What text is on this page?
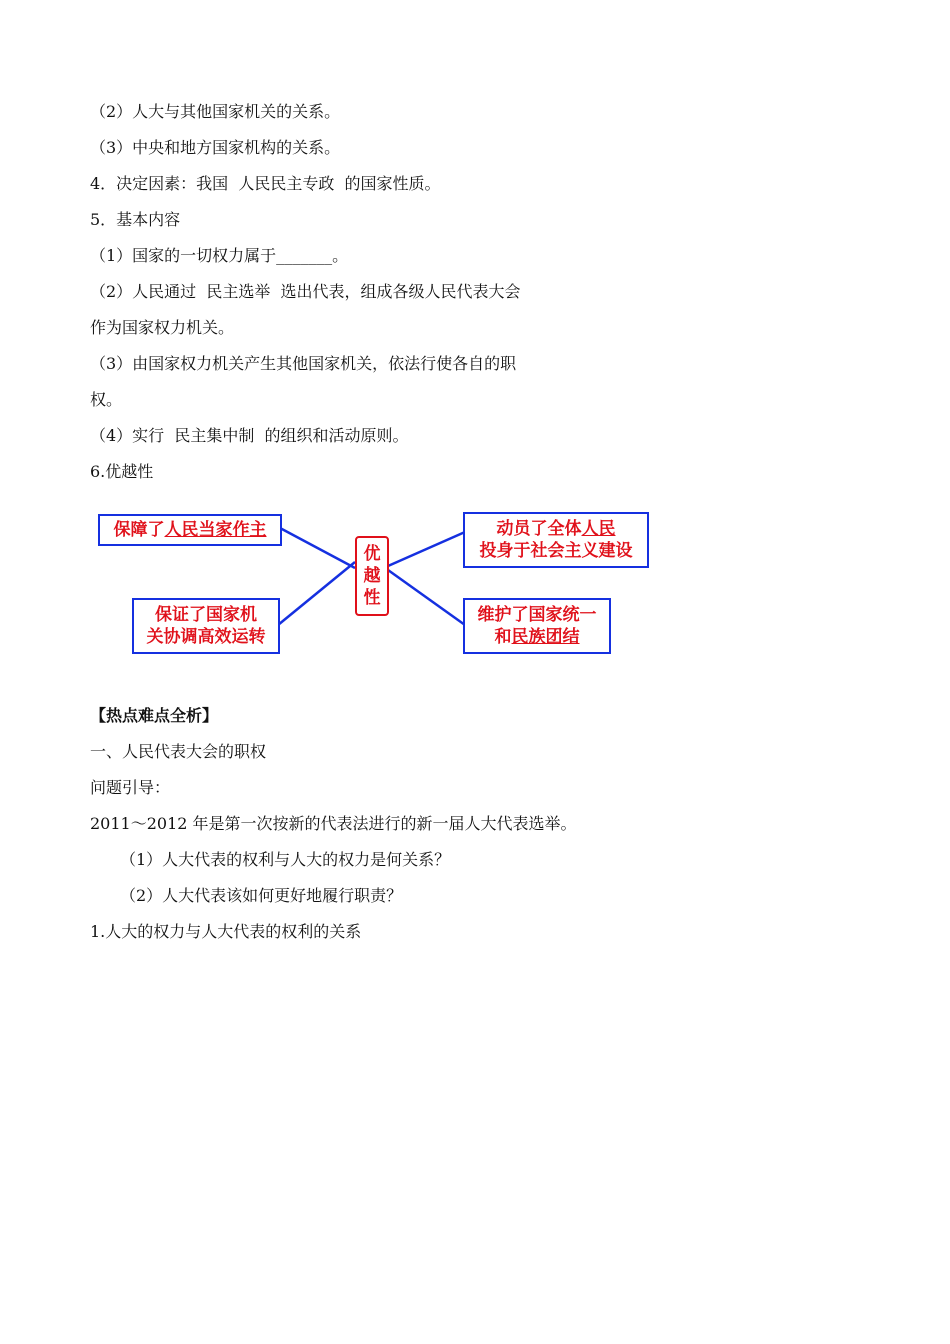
（2）人大与其他国家机关的关系。
（3）中央和地方国家机构的关系。
4．决定因素：我国  人民民主专政  的国家性质。
5．基本内容
（1）国家的一切权力属于_______。
（2）人民通过  民主选举  选出代表，组成各级人民代表大会
作为国家权力机关。
（3）由国家权力机关产生其他国家机关，依法行使各自的职
权。
（4）实行  民主集中制  的组织和活动原则。
6.优越性
保障了人民当家作主
保证了国家机
关协调高效运转
优
越
性
动员了全体人民
投身于社会主义建设
维护了国家统一
和民族团结
【热点难点全析】
一、人民代表大会的职权
问题引导：
2011～2012 年是第一次按新的代表法进行的新一届人大代表选举。
（1）人大代表的权利与人大的权力是何关系？
（2）人大代表该如何更好地履行职责？
1.人大的权力与人大代表的权利的关系
